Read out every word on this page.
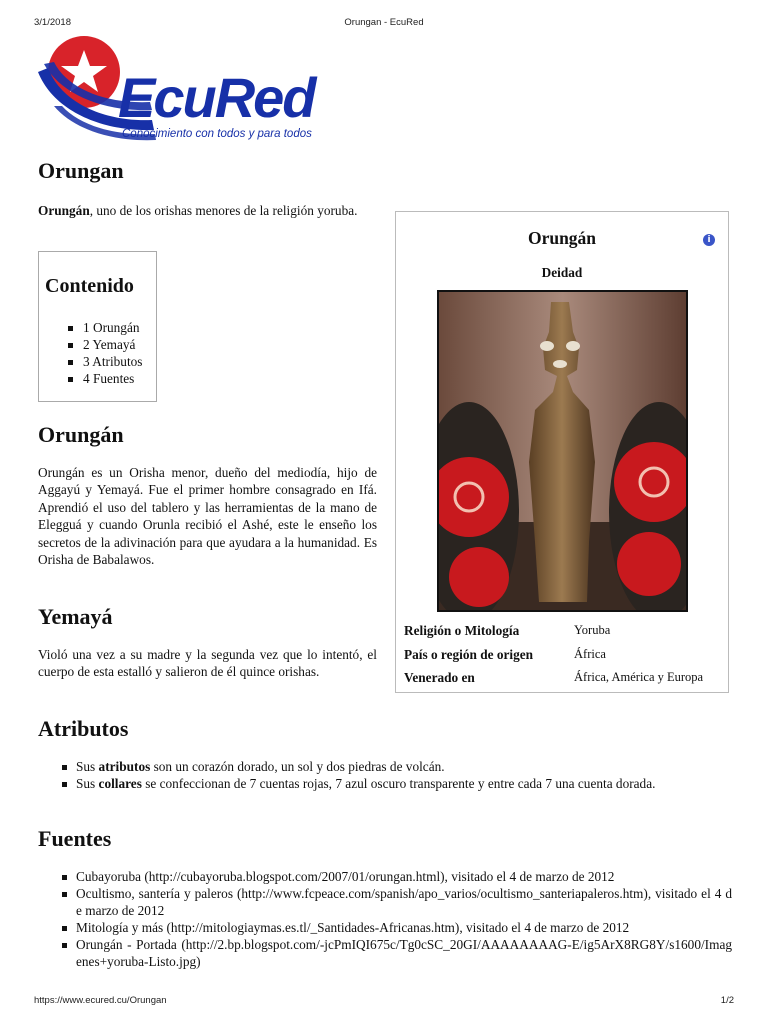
3/1/2018	Orungan - EcuRed
EcuRed
Conocimiento con todos y para todos
Orungan

Orungán, uno de los orishas menores de la religión yoruba.

Contenido
1 Orungán
2 Yemayá
3 Atributos
4 Fuentes
Orungán

Orungán es un Orisha menor, dueño del mediodía, hijo de Aggayú y Yemayá. Fue el primer hombre consagrado en Ifá. Aprendió el uso del tablero y las herramientas de la mano de Elegguá y cuando Orunla recibió el Ashé, este le enseño los secretos de la adivinación para que ayudara a la humanidad. Es Orisha de Babalawos.

Yemayá

Violó una vez a su madre y la segunda vez que lo intentó, el cuerpo de esta estalló y salieron de él quince orishas.

Orungán	i
Deidad
Religión o Mitología	Yoruba
País o región de origen	África
Venerado en	África, América y Europa
Atributos
Sus atributos son un corazón dorado, un sol y dos piedras de volcán.
Sus collares se confeccionan de 7 cuentas rojas, 7 azul oscuro transparente y entre cada 7 una cuenta dorada.
Fuentes
Cubayoruba (http://cubayoruba.blogspot.com/2007/01/orungan.html), visitado el 4 de marzo de 2012
Ocultismo, santería y paleros (http://www.fcpeace.com/spanish/apo_varios/ocultismo_santeriapaleros.htm), visitado el 4 de marzo de 2012
Mitología y más (http://mitologiaymas.es.tl/_Santidades-Africanas.htm), visitado el 4 de marzo de 2012
Orungán - Portada (http://2.bp.blogspot.com/-jcPmIQI675c/Tg0cSC_20GI/AAAAAAAAG-E/ig5ArX8RG8Y/s1600/Imagenes+yoruba-Listo.jpg)
https://www.ecured.cu/Orungan	1/2
